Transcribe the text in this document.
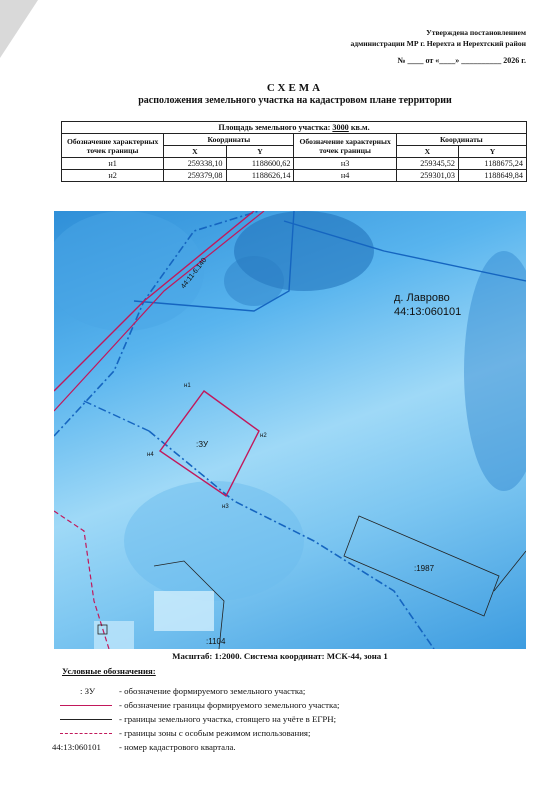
Утверждена постановлением
администрации МР г. Нерехта и Нерехтский район
№ ____ от «____» __________ 2026 г.
СХЕМА
расположения земельного участка на кадастровом плане территории
Площадь земельного участка: 3000 кв.м.					
Обозначение характерных точек границы	Координаты		Обозначение характерных точек границы	Координаты	
	X	Y		X	Y
н1	259338,10	1188600,62	н3	259345,52	1188675,24
н2	259379,08	1188626,14	н4	259301,03	1188649,84
д. Лаврово
44:13:060101
44:11-6.140
:ЗУ
н1
н2
н3
н4
:1987
:1104
Масштаб: 1:2000. Система координат: МСК-44, зона 1
Условные обозначения:
: ЗУ	- обозначение формируемого земельного участка;
- обозначение границы формируемого земельного участка;
- границы земельного участка, стоящего на учёте в ЕГРН;
- границы зоны с особым режимом использования;
44:13:060101 - номер кадастрового квартала.
